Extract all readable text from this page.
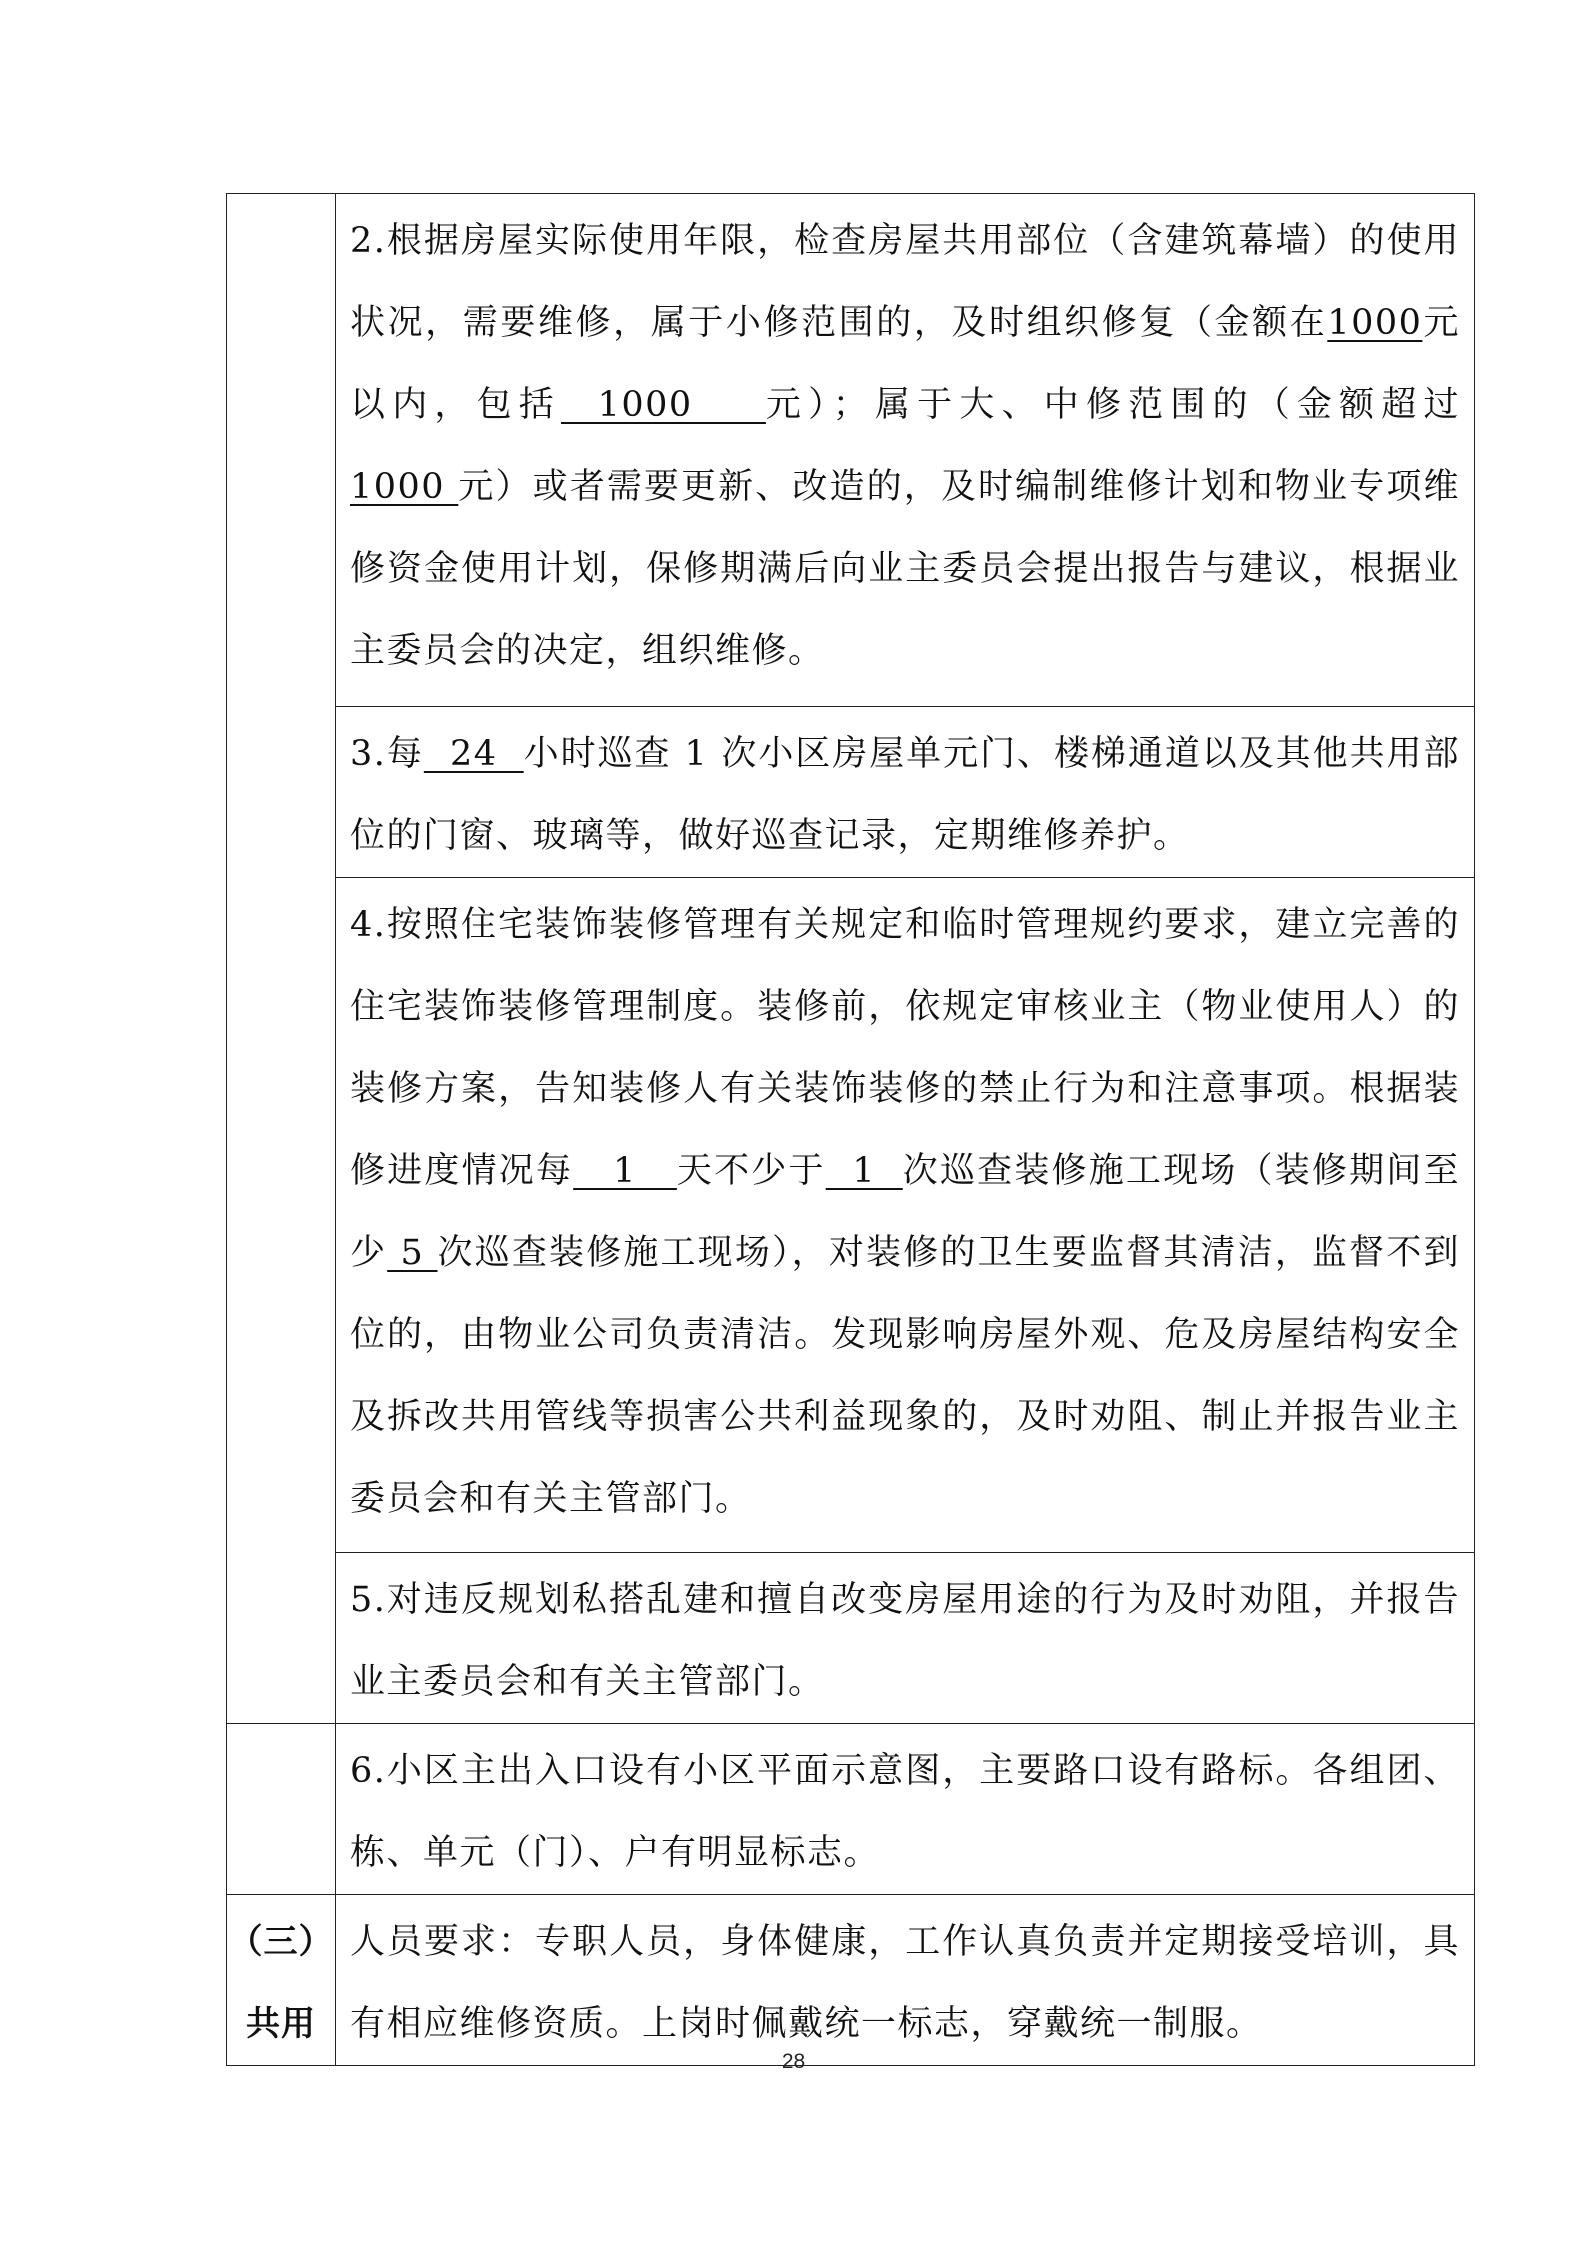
	2.根据房屋实际使用年限，检查房屋共用部位（含建筑幕墙）的使用状况，需要维修，属于小修范围的，及时组织修复（金额在1000元以内，包括  1000    元）；属于大、中修范围的（金额超过1000 元）或者需要更新、改造的，及时编制维修计划和物业专项维修资金使用计划，保修期满后向业主委员会提出报告与建议，根据业主委员会的决定，组织维修。

	3.每  24  小时巡查 1 次小区房屋单元门、楼梯通道以及其他共用部位的门窗、玻璃等，做好巡查记录，定期维修养护。

	4.按照住宅装饰装修管理有关规定和临时管理规约要求，建立完善的住宅装饰装修管理制度。装修前，依规定审核业主（物业使用人）的装修方案，告知装修人有关装饰装修的禁止行为和注意事项。根据装修进度情况每   1   天不少于  1  次巡查装修施工现场（装修期间至少 5 次巡查装修施工现场），对装修的卫生要监督其清洁，监督不到位的，由物业公司负责清洁。发现影响房屋外观、危及房屋结构安全及拆改共用管线等损害公共利益现象的，及时劝阻、制止并报告业主委员会和有关主管部门。

	5.对违反规划私搭乱建和擅自改变房屋用途的行为及时劝阻，并报告业主委员会和有关主管部门。

	6.小区主出入口设有小区平面示意图，主要路口设有路标。各组团、栋、单元（门）、户有明显标志。

（三）
共用	人员要求：专职人员，身体健康，工作认真负责并定期接受培训，具有相应维修资质。上岗时佩戴统一标志，穿戴统一制服。
28
